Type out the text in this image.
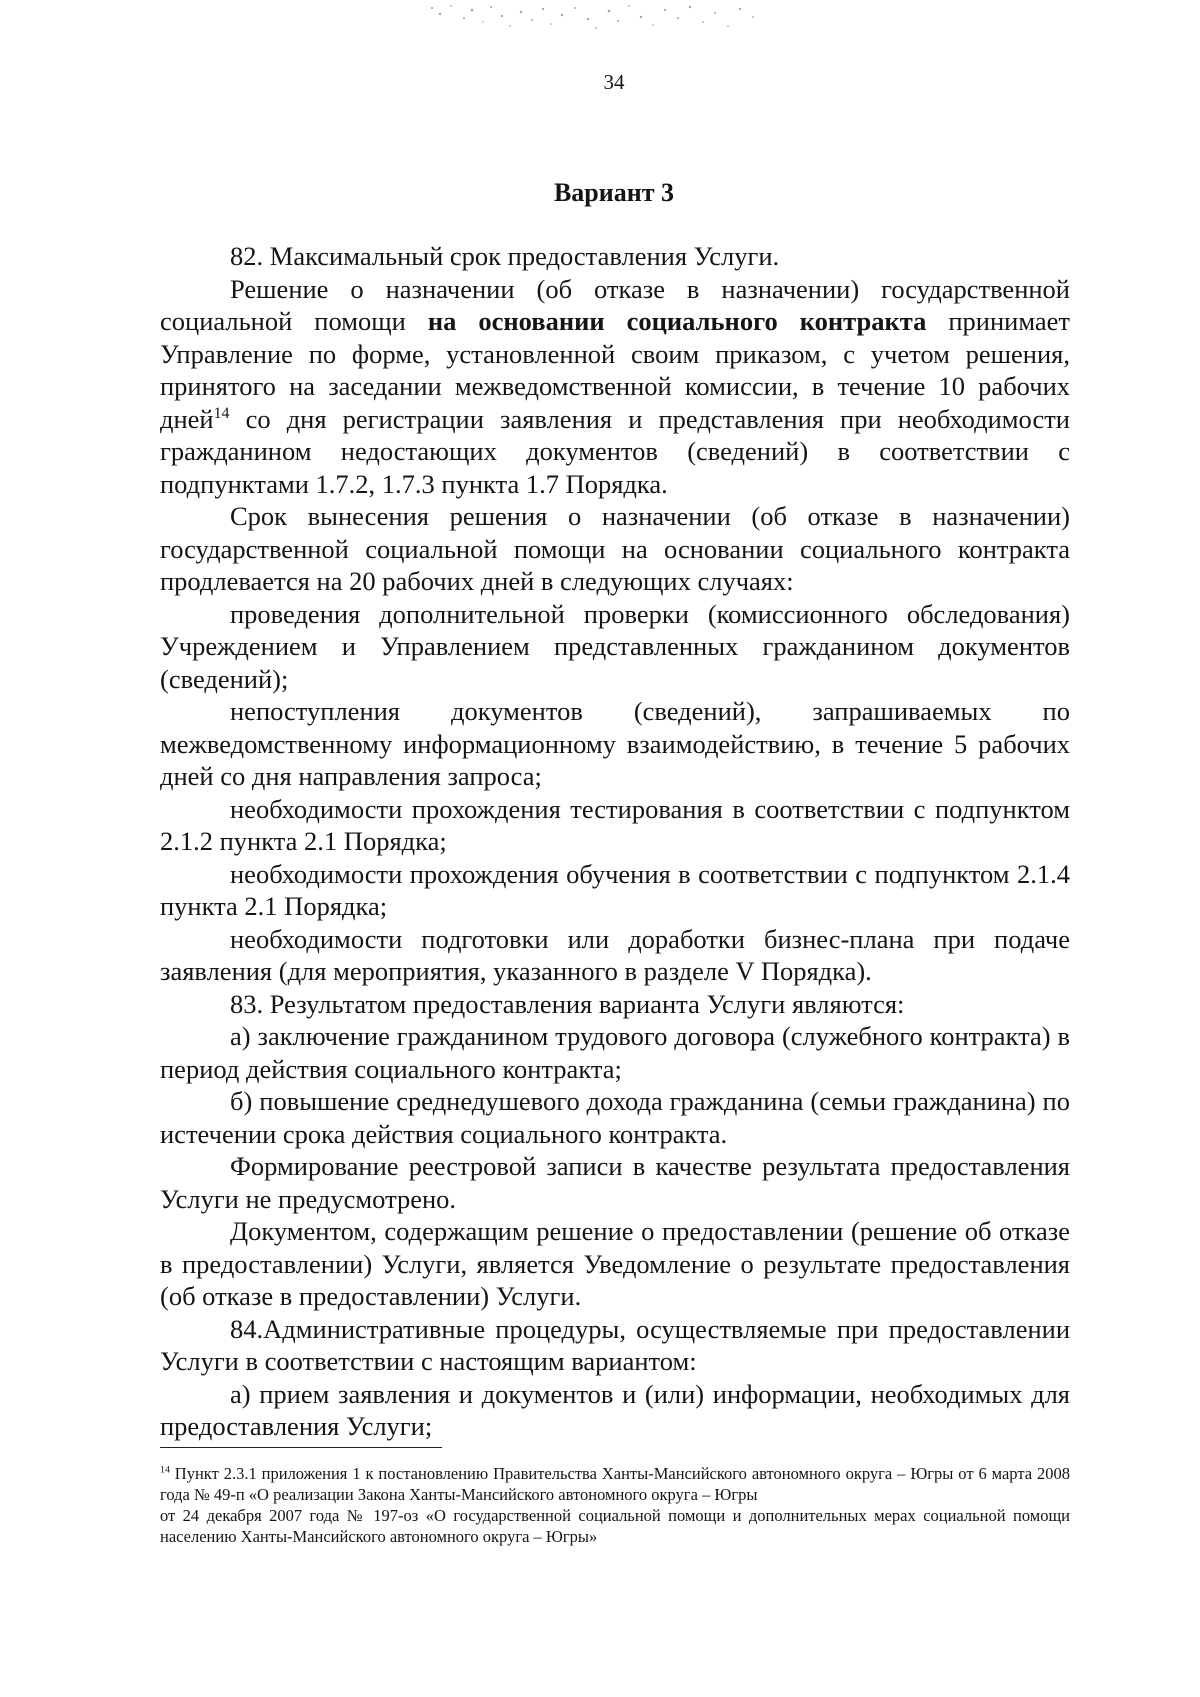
34
Вариант 3

82. Максимальный срок предоставления Услуги.

Решение о назначении (об отказе в назначении) государственной социальной помощи на основании социального контракта принимает Управление по форме, установленной своим приказом, с учетом решения, принятого на заседании межведомственной комиссии, в течение 10 рабочих дней$^{14}$ со дня регистрации заявления и представления при необходимости гражданином недостающих документов (сведений) в соответствии с подпунктами 1.7.2, 1.7.3 пункта 1.7 Порядка.

Срок вынесения решения о назначении (об отказе в назначении) государственной социальной помощи на основании социального контракта продлевается на 20 рабочих дней в следующих случаях:

проведения дополнительной проверки (комиссионного обследования) Учреждением и Управлением представленных гражданином документов (сведений);

непоступления документов (сведений), запрашиваемых по межведомственному информационному взаимодействию, в течение 5 рабочих дней со дня направления запроса;

необходимости прохождения тестирования в соответствии с подпунктом 2.1.2 пункта 2.1 Порядка;

необходимости прохождения обучения в соответствии с подпунктом 2.1.4 пункта 2.1 Порядка;

необходимости подготовки или доработки бизнес-плана при подаче заявления (для мероприятия, указанного в разделе V Порядка).

83. Результатом предоставления варианта Услуги являются:

а) заключение гражданином трудового договора (служебного контракта) в период действия социального контракта;

б) повышение среднедушевого дохода гражданина (семьи гражданина) по истечении срока действия социального контракта.

Формирование реестровой записи в качестве результата предоставления Услуги не предусмотрено.

Документом, содержащим решение о предоставлении (решение об отказе в предоставлении) Услуги, является Уведомление о результате предоставления (об отказе в предоставлении) Услуги.

84.Административные процедуры, осуществляемые при предоставлении Услуги в соответствии с настоящим вариантом:

а) прием заявления и документов и (или) информации, необходимых для предоставления Услуги;

$^{14}$ Пункт 2.3.1 приложения 1 к постановлению Правительства Ханты-Мансийского автономного округа – Югры от 6 марта 2008 года № 49-п «О реализации Закона Ханты-Мансийского автономного округа – Югры

от 24 декабря 2007 года № 197-оз «О государственной социальной помощи и дополнительных мерах социальной помощи населению Ханты-Мансийского автономного округа – Югры»
